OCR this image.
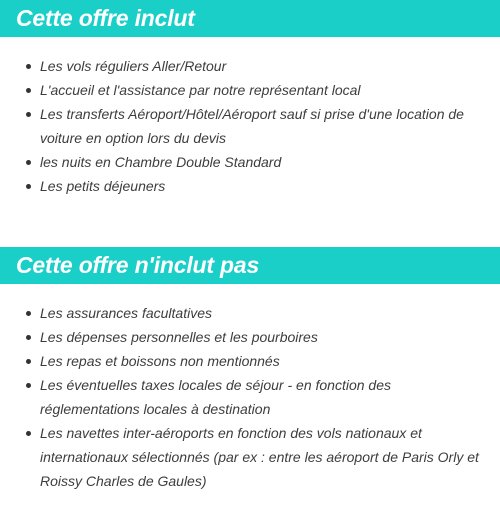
Cette offre inclut
Les vols réguliers Aller/Retour
L'accueil et l'assistance par notre représentant local
Les transferts Aéroport/Hôtel/Aéroport sauf si prise d'une location de voiture en option lors du devis
les nuits en Chambre Double Standard
Les petits déjeuners
Cette offre n'inclut pas
Les assurances facultatives
Les dépenses personnelles et les pourboires
Les repas et boissons non mentionnés
Les éventuelles taxes locales de séjour - en fonction des réglementations locales à destination
Les navettes inter-aéroports en fonction des vols nationaux et internationaux sélectionnés (par ex : entre les aéroport de Paris Orly et Roissy Charles de Gaules)
